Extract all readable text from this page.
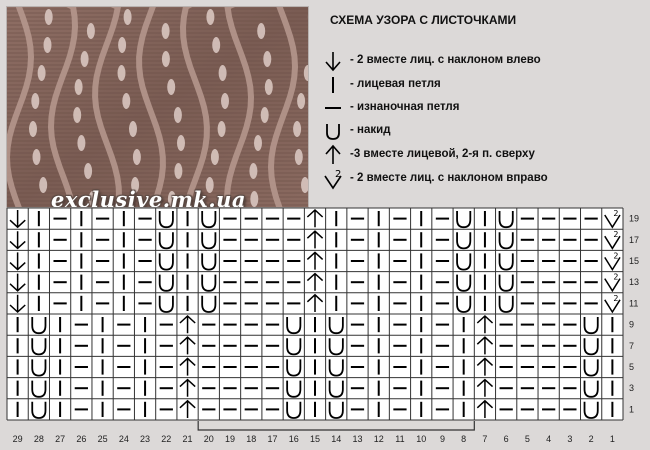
exclusive.mk.ua
СХЕМА УЗОРА С ЛИСТОЧКАМИ
- 2 вместе лиц. с наклоном влево
- лицевая петля
- изнаночная петля
- накид
-3 вместе лицевой, 2-я п. сверху
2 - 2 вместе лиц. с наклоном вправо
2
2
2
2
2
19
17
15
13
11
9
7
5
3
1
29 28 27 26 25 24 23 22 21 20 19 18 17 16 15 14 13 12 11 10 9 8 7 6 5 4 3 2 1
